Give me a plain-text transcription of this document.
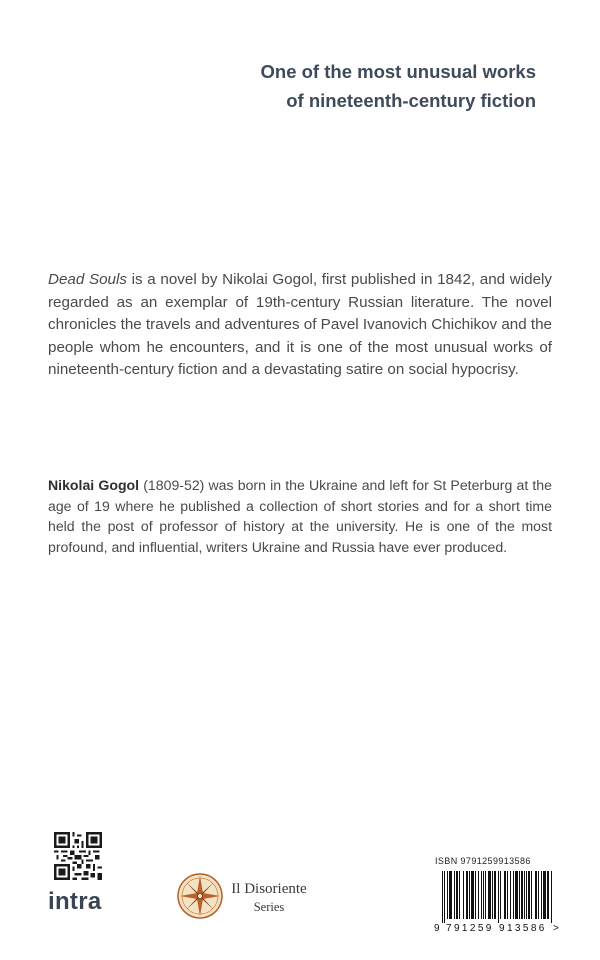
One of the most unusual works
of nineteenth-century fiction

Dead Souls is a novel by Nikolai Gogol, first published in 1842, and widely regarded as an exemplar of 19th-century Russian literature. The novel chronicles the travels and adventures of Pavel Ivanovich Chichikov and the people whom he encounters, and it is one of the most unusual works of nineteenth-century fiction and a devastating satire on social hypocrisy.

Nikolai Gogol (1809-52) was born in the Ukraine and left for St Peterburg at the age of 19 where he published a collection of short stories and for a short time held the post of professor of history at the university. He is one of the most profound, and influential, writers Ukraine and Russia have ever produced.

intra	Il Disoriente
Series
ISBN 9791259913586
9 791259 913586 >
